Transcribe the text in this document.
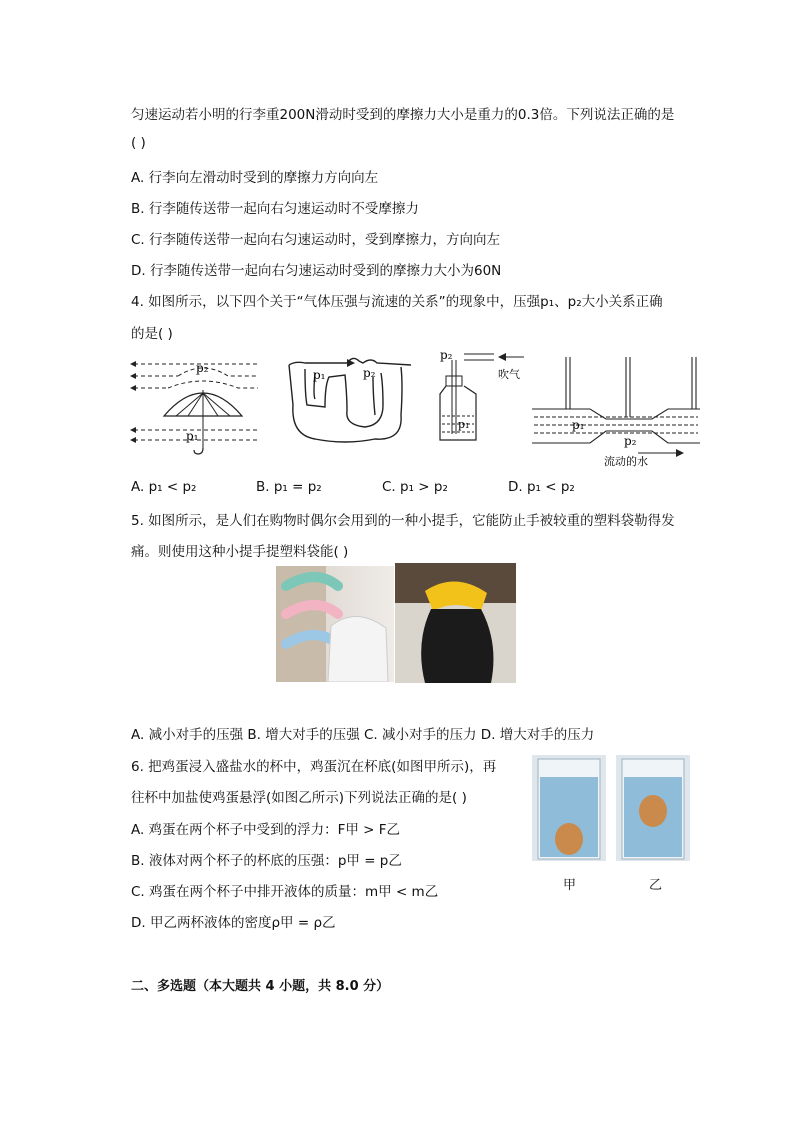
匀速运动若小明的行李重200N滑动时受到的摩擦力大小是重力的0.3倍。下列说法正确的是
( )
A. 行李向左滑动时受到的摩擦力方向向左
B. 行李随传送带一起向右匀速运动时不受摩擦力
C. 行李随传送带一起向右匀速运动时，受到摩擦力，方向向左
D. 行李随传送带一起向右匀速运动时受到的摩擦力大小为60N
4. 如图所示，以下四个关于“气体压强与流速的关系”的现象中，压强p₁、p₂大小关系正确
的是( )
p₂
p₁
p₁	p₂
p₂
吹气
p₁	p₁
p₂
流动的水
A. p₁ < p₂	B. p₁ = p₂	C. p₁ > p₂	D. p₁ < p₂
5. 如图所示，是人们在购物时偶尔会用到的一种小提手，它能防止手被较重的塑料袋勒得发
痛。则使用这种小提手提塑料袋能( )
A. 减小对手的压强 B. 增大对手的压强 C. 减小对手的压力 D. 增大对手的压力
6. 把鸡蛋浸入盛盐水的杯中，鸡蛋沉在杯底(如图甲所示)，再
往杯中加盐使鸡蛋悬浮(如图乙所示)下列说法正确的是( )
A. 鸡蛋在两个杯子中受到的浮力：F甲 > F乙
B. 液体对两个杯子的杯底的压强：p甲 = p乙
C. 鸡蛋在两个杯子中排开液体的质量：m甲 < m乙
D. 甲乙两杯液体的密度ρ甲 = ρ乙
甲	乙
二、多选题（本大题共 4 小题，共 8.0 分）
